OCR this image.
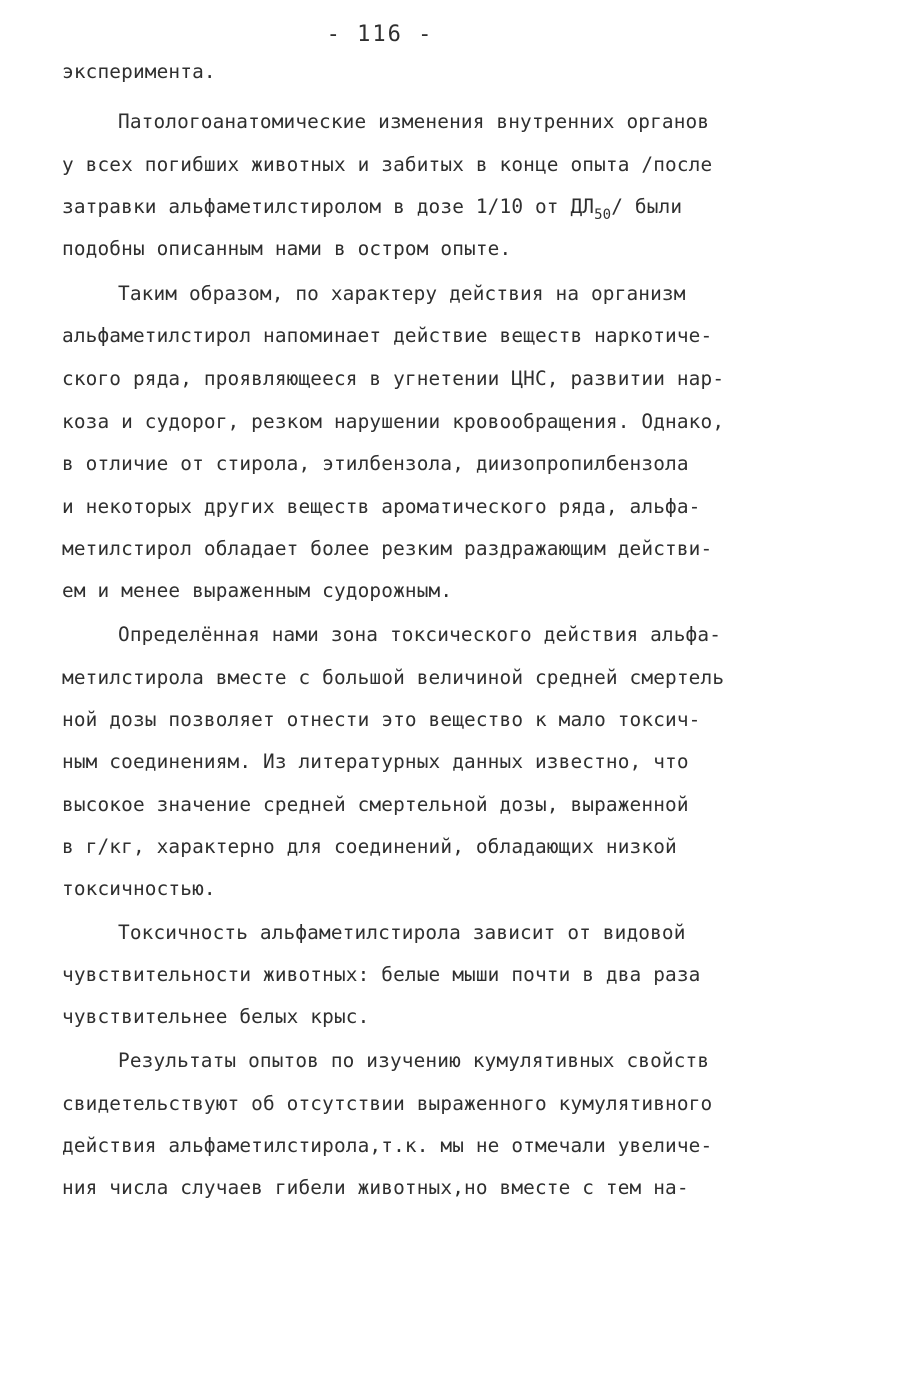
- 116 -
эксперимента.
Патологоанатомические изменения внутренних органов
у всех погибших животных и забитых в конце опыта /после
затравки альфаметилстиролом в дозе 1/10 от $ДЛ_{50}/$ были
подобны описанным нами в остром опыте.
Таким образом, по характеру действия на организм
альфаметилстирол напоминает действие веществ наркотиче-
ского ряда, проявляющееся в угнетении ЦНС, развитии нар-
коза и судорог, резком нарушении кровообращения. Однако,
в отличие от стирола, этилбензола, диизопропилбензола
и некоторых других веществ ароматического ряда, альфа-
метилстирол обладает более резким раздражающим действи-
ем и менее выраженным судорожным.
Определённая нами зона токсического действия альфа-
метилстирола вместе с большой величиной средней смертель
ной дозы позволяет отнести это вещество к мало токсич-
ным соединениям. Из литературных данных известно, что
высокое значение средней смертельной дозы, выраженной
в г/кг, характерно для соединений, обладающих низкой
токсичностью.
Токсичность альфаметилстирола зависит от видовой
чувствительности животных: белые мыши почти в два раза
чувствительнее белых крыс.
Результаты опытов по изучению кумулятивных свойств
свидетельствуют об отсутствии выраженного кумулятивного
действия альфаметилстирола,т.к. мы не отмечали увеличе-
ния числа случаев гибели животных,но вместе с тем на-
